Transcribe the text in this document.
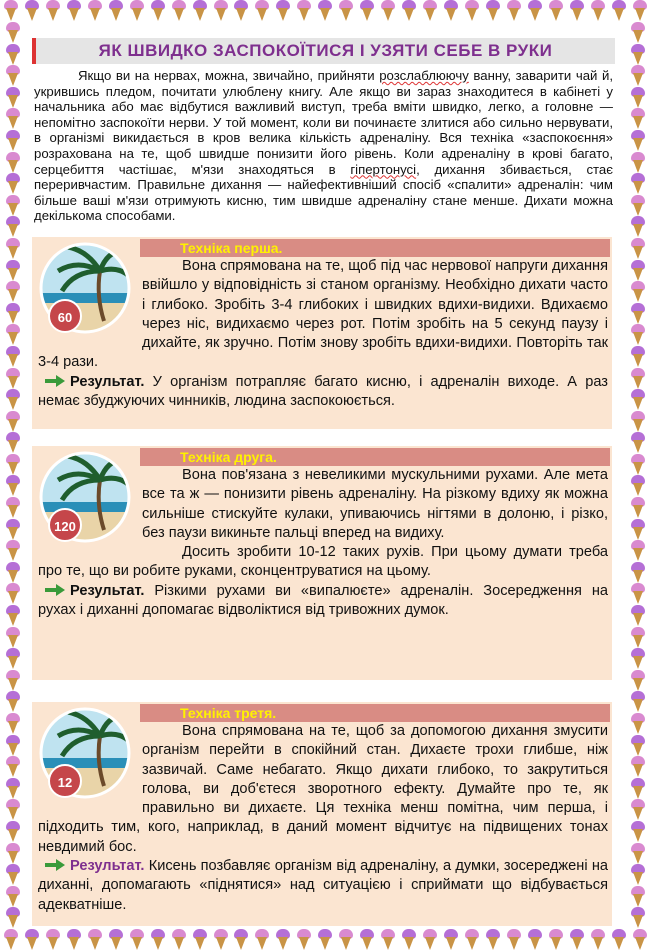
ЯК ШВИДКО ЗАСПОКОЇТИСЯ І УЗЯТИ СЕБЕ В РУКИ
Якщо ви на нервах, можна, звичайно, прийняти розслаблюючу ванну, заварити чай й, укрившись пледом, почитати улюблену книгу. Але якщо ви зараз знаходитеся в кабінеті у начальника або має відбутися важливий виступ, треба вміти швидко, легко, а головне — непомітно заспокоїти нерви. У той момент, коли ви починаєте злитися або сильно нервувати, в організмі викидається в кров велика кількість адреналіну. Вся техніка «заспокоєння» розрахована на те, щоб швидше понизити його рівень. Коли адреналіну в крові багато, серцебиття частішає, м'язи знаходяться в гіпертонусі, дихання збивається, стає переривчастим. Правильне дихання — найефективніший спосіб «спалити» адреналін: чим більше ваші м'язи отримують кисню, тим швидше адреналіну стане менше. Дихати можна декількома способами.
Техніка перша.
60

Вона спрямована на те, щоб під час нервової напруги дихання ввійшло у відповідність зі станом організму. Необхідно дихати часто і глибоко. Зробіть 3-4 глибоких і швидких вдихи-видихи. Вдихаємо через ніс, видихаємо через рот. Потім зробіть на 5 секунд паузу і дихайте, як зручно. Потім знову зробіть вдихи-видихи. Повторіть так 3-4 рази.

Результат. У організм потрапляє багато кисню, і адреналін виходе. А раз немає збуджуючих чинників, людина заспокоюється.

Техніка друга.
120

Вона пов'язана з невеликими мускульними рухами. Але мета все та ж — понизити рівень адреналіну. На різкому вдиху як можна сильніше стискуйте кулаки, упиваючись нігтями в долоню, і різко, без паузи викиньте пальці вперед на видиху.

Досить зробити 10-12 таких рухів. При цьому думати треба про те, що ви робите руками, сконцентруватися на цьому.

Результат. Різкими рухами ви «випалюєте» адреналін. Зосередження на рухах і диханні допомагає відволіктися від тривожних думок.

Техніка третя.
12

Вона спрямована на те, щоб за допомогою дихання змусити організм перейти в спокійний стан. Дихаєте трохи глибше, ніж зазвичай. Саме небагато. Якщо дихати глибоко, то закрутиться голова, ви доб'єтеся зворотного ефекту. Думайте про те, як правильно ви дихаєте. Ця техніка менш помітна, чим перша, і підходить тим, кого, наприклад, в даний момент відчитує на підвищених тонах невдимий бос.

Результат. Кисень позбавляє організм від адреналіну, а думки, зосереджені на диханні, допомагають «піднятися» над ситуацією і сприймати що відбувається адекватніше.
